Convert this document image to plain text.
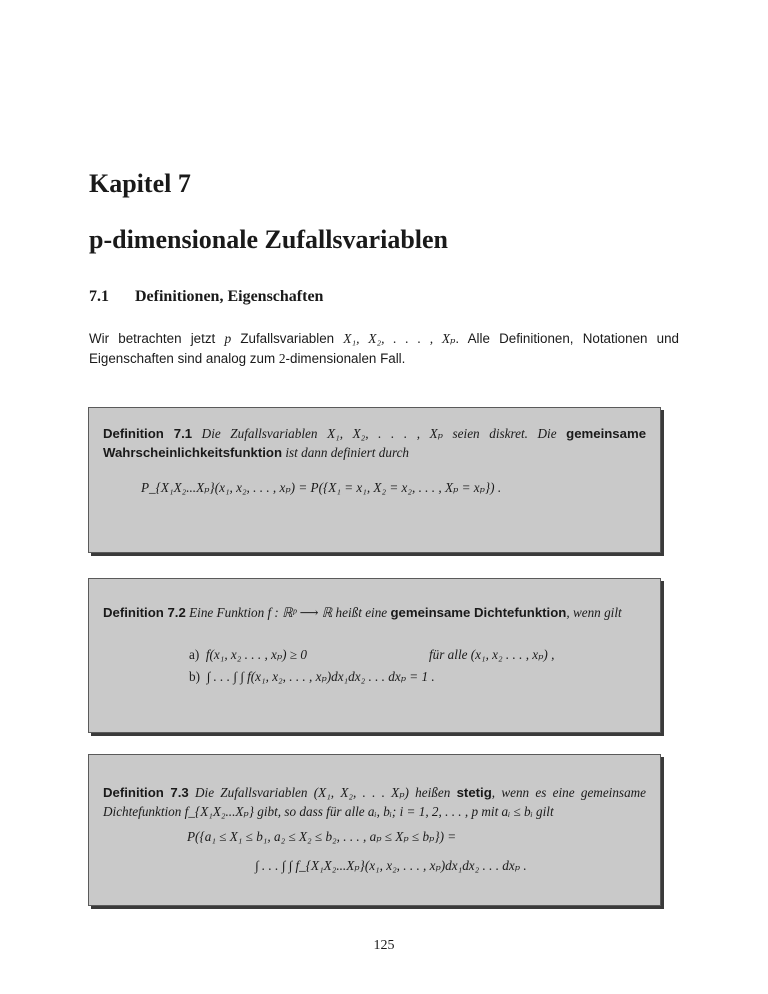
Kapitel 7
p-dimensionale Zufallsvariablen
7.1 Definitionen, Eigenschaften

Wir betrachten jetzt p Zufallsvariablen X₁, X₂, . . . , Xₚ. Alle Definitionen, Notationen und Eigenschaften sind analog zum 2-dimensionalen Fall.

Definition 7.1 Die Zufallsvariablen X₁, X₂, . . . , Xₚ seien diskret. Die gemeinsame Wahrscheinlichkeitsfunktion ist dann definiert durch

P_{X₁X₂...Xₚ}(x₁, x₂, . . . , xₚ) = P({X₁ = x₁, X₂ = x₂, . . . , Xₚ = xₚ}) .

Definition 7.2 Eine Funktion f : ℝᵖ ⟶ ℝ heißt eine gemeinsame Dichtefunktion, wenn gilt

a) f(x₁, x₂ . . . , xₚ) ≥ 0	für alle (x₁, x₂ . . . , xₚ) ,
b) ∫ . . . ∫ ∫ f(x₁, x₂, . . . , xₚ)dx₁dx₂ . . . dxₚ = 1 .

Definition 7.3 Die Zufallsvariablen (X₁, X₂, . . . Xₚ) heißen stetig, wenn es eine gemeinsame Dichtefunktion f_{X₁X₂...Xₚ} gibt, so dass für alle aᵢ, bᵢ; i = 1, 2, . . . , p mit aᵢ ≤ bᵢ gilt

P({a₁ ≤ X₁ ≤ b₁, a₂ ≤ X₂ ≤ b₂, . . . , aₚ ≤ Xₚ ≤ bₚ}) =

∫ . . . ∫ ∫ f_{X₁X₂...Xₚ}(x₁, x₂, . . . , xₚ)dx₁dx₂ . . . dxₚ .

125
